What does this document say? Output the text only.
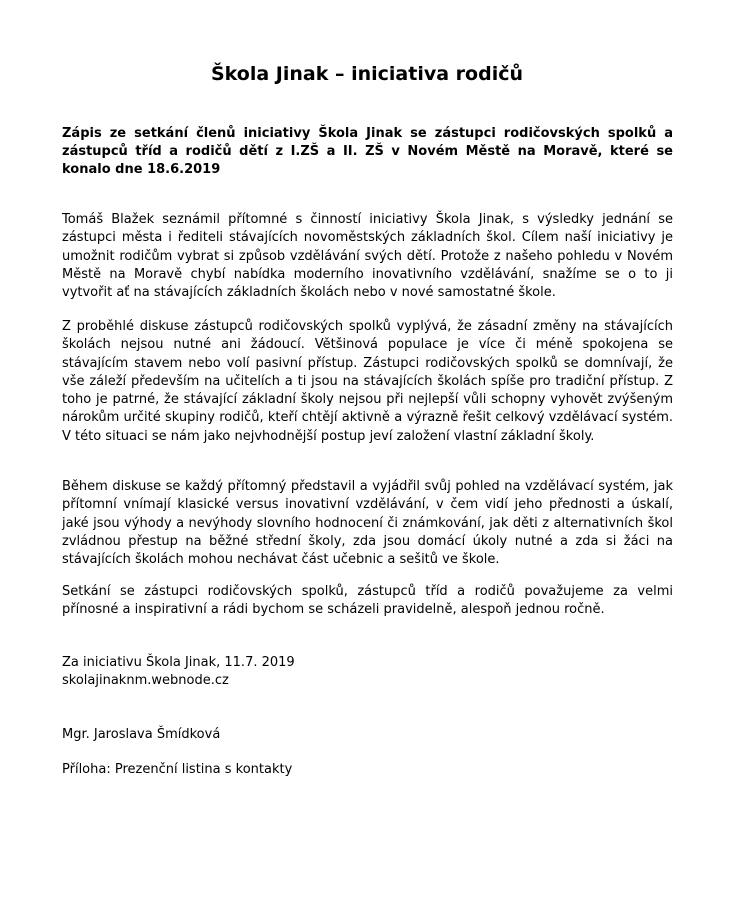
Škola Jinak – iniciativa rodičů
Zápis ze setkání členů iniciativy Škola Jinak se zástupci rodičovských spolků a zástupců tříd a rodičů dětí z I.ZŠ a II. ZŠ v Novém Městě na Moravě, které se konalo dne 18.6.2019
Tomáš Blažek seznámil přítomné s činností iniciativy Škola Jinak, s výsledky jednání se zástupci města i řediteli stávajících novoměstských základních škol. Cílem naší iniciativy je umožnit rodičům vybrat si způsob vzdělávání svých dětí. Protože z našeho pohledu v Novém Městě na Moravě chybí nabídka moderního inovativního vzdělávání, snažíme se o to ji vytvořit ať na stávajících základních školách nebo v nové samostatné škole.
Z proběhlé diskuse zástupců rodičovských spolků vyplývá, že zásadní změny na stávajících školách nejsou nutné ani žádoucí. Většinová populace je více či méně spokojena se stávajícím stavem nebo volí pasivní přístup. Zástupci rodičovských spolků se domnívají, že vše záleží především na učitelích a ti jsou na stávajících školách spíše pro tradiční přístup. Z toho je patrné, že stávající základní školy nejsou při nejlepší vůli schopny vyhovět zvýšeným nárokům určité skupiny rodičů, kteří chtějí aktivně a výrazně řešit celkový vzdělávací systém. V této situaci se nám jako nejvhodnější postup jeví založení vlastní základní školy.
Během diskuse se každý přítomný představil a vyjádřil svůj pohled na vzdělávací systém, jak přítomní vnímají klasické versus inovativní vzdělávání, v čem vidí jeho přednosti a úskalí, jaké jsou výhody a nevýhody slovního hodnocení či známkování, jak děti z alternativních škol zvládnou přestup na běžné střední školy, zda jsou domácí úkoly nutné a zda si žáci na stávajících školách mohou nechávat část učebnic a sešitů ve škole.
Setkání se zástupci rodičovských spolků, zástupců tříd a rodičů považujeme za velmi přínosné a inspirativní a rádi bychom se scházeli pravidelně, alespoň jednou ročně.
Za iniciativu Škola Jinak, 11.7. 2019
skolajinaknm.webnode.cz
Mgr. Jaroslava Šmídková
Příloha: Prezenční listina s kontakty
